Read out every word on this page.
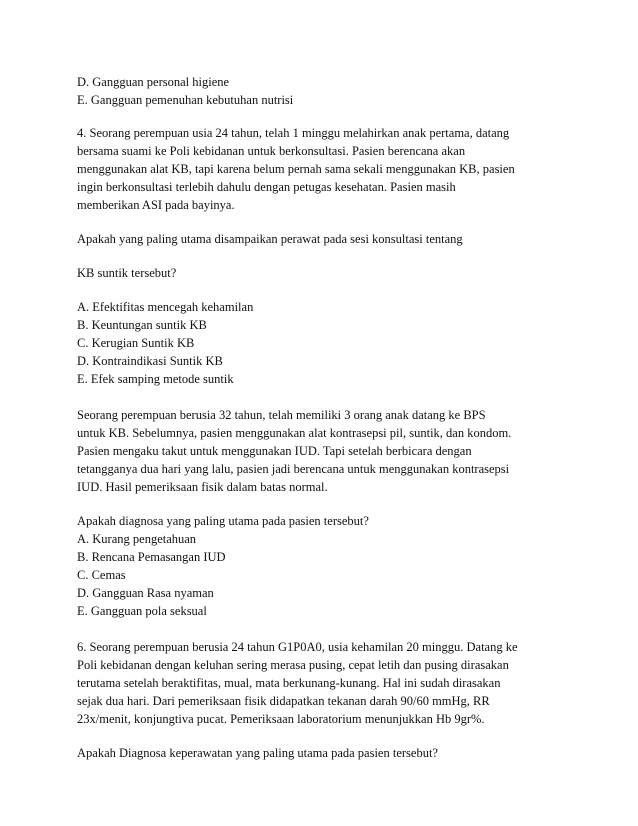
D. Gangguan personal higiene
E. Gangguan pemenuhan kebutuhan nutrisi
4. Seorang perempuan usia 24 tahun, telah 1 minggu melahirkan anak pertama, datang
bersama suami ke Poli kebidanan untuk berkonsultasi. Pasien berencana akan
menggunakan alat KB, tapi karena belum pernah sama sekali menggunakan KB, pasien
ingin berkonsultasi terlebih dahulu dengan petugas kesehatan. Pasien masih
memberikan ASI pada bayinya.
Apakah yang paling utama disampaikan perawat pada sesi konsultasi tentang
KB suntik tersebut?
A. Efektifitas mencegah kehamilan
B. Keuntungan suntik KB
C. Kerugian Suntik KB
D. Kontraindikasi Suntik KB
E. Efek samping metode suntik
Seorang perempuan berusia 32 tahun, telah memiliki 3 orang anak datang ke BPS
untuk KB. Sebelumnya, pasien menggunakan alat kontrasepsi pil, suntik, dan kondom.
Pasien mengaku takut untuk menggunakan IUD. Tapi setelah berbicara dengan
tetangganya dua hari yang lalu, pasien jadi berencana untuk menggunakan kontrasepsi
IUD. Hasil pemeriksaan fisik dalam batas normal.
Apakah diagnosa yang paling utama pada pasien tersebut?
A. Kurang pengetahuan
B. Rencana Pemasangan IUD
C. Cemas
D. Gangguan Rasa nyaman
E. Gangguan pola seksual
6. Seorang perempuan berusia 24 tahun G1P0A0, usia kehamilan 20 minggu. Datang ke
Poli kebidanan dengan keluhan sering merasa pusing, cepat letih dan pusing dirasakan
terutama setelah beraktifitas, mual, mata berkunang-kunang. Hal ini sudah dirasakan
sejak dua hari. Dari pemeriksaan fisik didapatkan tekanan darah 90/60 mmHg, RR
23x/menit, konjungtiva pucat. Pemeriksaan laboratorium menunjukkan Hb 9gr%.
Apakah Diagnosa keperawatan yang paling utama pada pasien tersebut?
